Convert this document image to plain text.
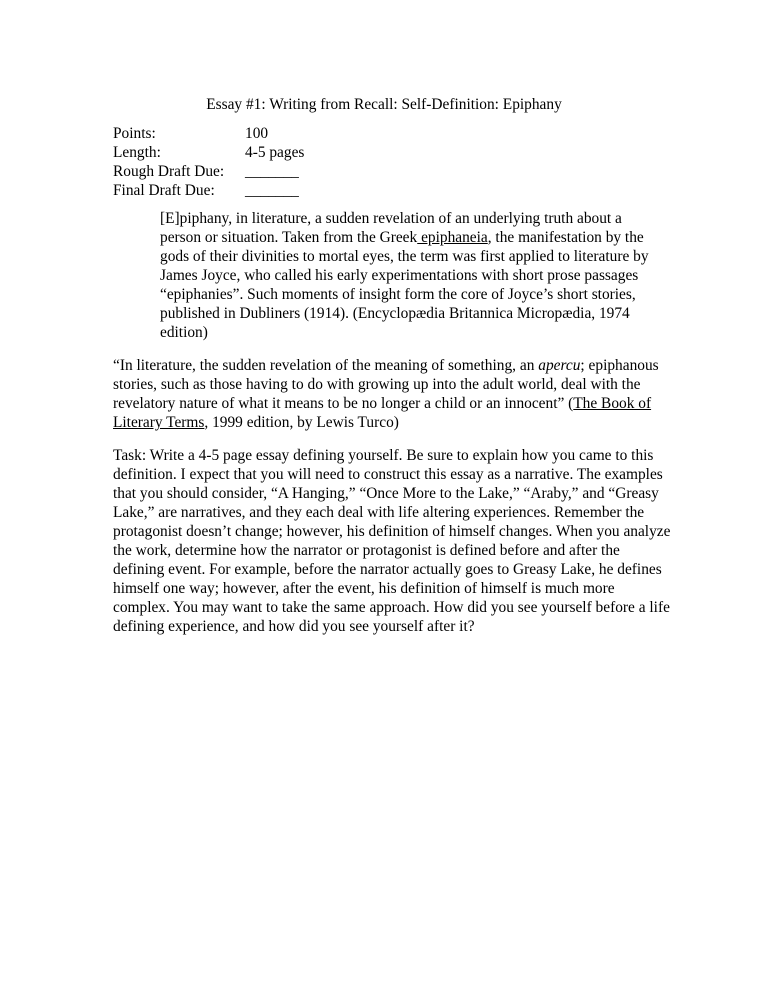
Essay #1: Writing from Recall: Self-Definition: Epiphany
Points:	100
Length:	4-5 pages
Rough Draft Due:	_______
Final Draft Due:	_______

[E]piphany, in literature, a sudden revelation of an underlying truth about a person or situation. Taken from the Greek epiphaneia, the manifestation by the gods of their divinities to mortal eyes, the term was first applied to literature by James Joyce, who called his early experimentations with short prose passages “epiphanies”. Such moments of insight form the core of Joyce’s short stories, published in Dubliners (1914). (Encyclopædia Britannica Micropædia, 1974 edition)

“In literature, the sudden revelation of the meaning of something, an apercu; epiphanous stories, such as those having to do with growing up into the adult world, deal with the revelatory nature of what it means to be no longer a child or an innocent” (The Book of Literary Terms, 1999 edition, by Lewis Turco)

Task: Write a 4-5 page essay defining yourself. Be sure to explain how you came to this definition. I expect that you will need to construct this essay as a narrative. The examples that you should consider, “A Hanging,” “Once More to the Lake,” “Araby,” and “Greasy Lake,” are narratives, and they each deal with life altering experiences. Remember the protagonist doesn’t change; however, his definition of himself changes. When you analyze the work, determine how the narrator or protagonist is defined before and after the defining event. For example, before the narrator actually goes to Greasy Lake, he defines himself one way; however, after the event, his definition of himself is much more complex. You may want to take the same approach. How did you see yourself before a life defining experience, and how did you see yourself after it?
